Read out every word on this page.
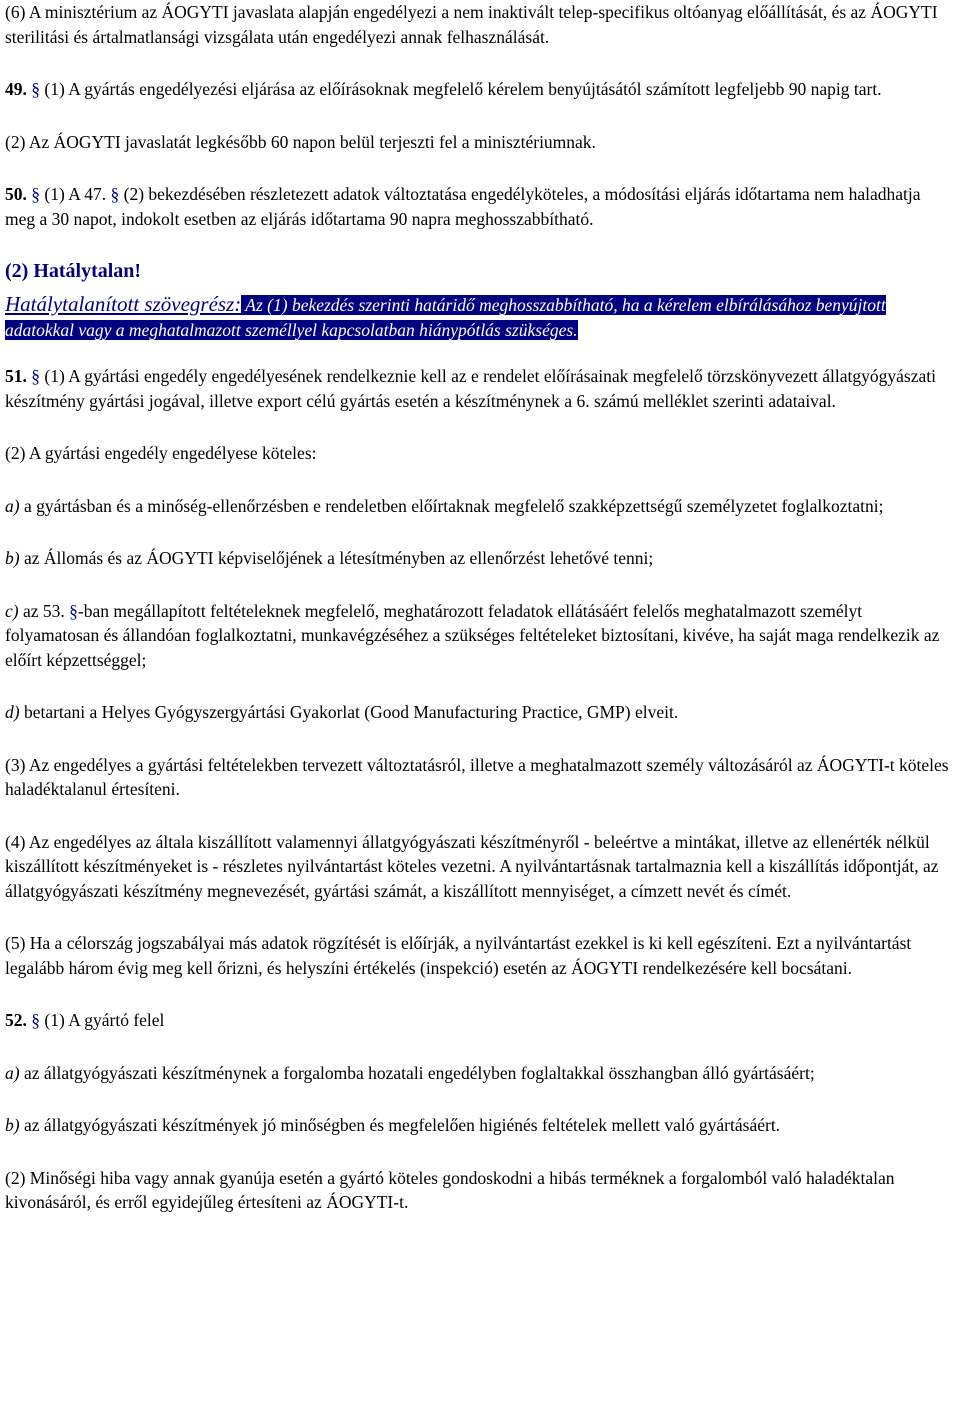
(6) A minisztérium az ÁOGYTI javaslata alapján engedélyezi a nem inaktivált telep-specifikus oltóanyag előállítását, és az ÁOGYTI sterilitási és ártalmatlansági vizsgálata után engedélyezi annak felhasználását.

49. § (1) A gyártás engedélyezési eljárása az előírásoknak megfelelő kérelem benyújtásától számított legfeljebb 90 napig tart.

(2) Az ÁOGYTI javaslatát legkésőbb 60 napon belül terjeszti fel a minisztériumnak.

50. § (1) A 47. § (2) bekezdésében részletezett adatok változtatása engedélyköteles, a módosítási eljárás időtartama nem haladhatja meg a 30 napot, indokolt esetben az eljárás időtartama 90 napra meghosszabbítható.

(2) Hatálytalan!

Hatálytalanított szövegrész: Az (1) bekezdés szerinti határidő meghosszabbítható, ha a kérelem elbírálásához benyújtott adatokkal vagy a meghatalmazott személlyel kapcsolatban hiánypótlás szükséges.

51. § (1) A gyártási engedély engedélyesének rendelkeznie kell az e rendelet előírásainak megfelelő törzskönyvezett állatgyógyászati készítmény gyártási jogával, illetve export célú gyártás esetén a készítménynek a 6. számú melléklet szerinti adataival.

(2) A gyártási engedély engedélyese köteles:

a) a gyártásban és a minőség-ellenőrzésben e rendeletben előírtaknak megfelelő szakképzettségű személyzetet foglalkoztatni;

b) az Állomás és az ÁOGYTI képviselőjének a létesítményben az ellenőrzést lehetővé tenni;

c) az 53. §-ban megállapított feltételeknek megfelelő, meghatározott feladatok ellátásáért felelős meghatalmazott személyt folyamatosan és állandóan foglalkoztatni, munkavégzéséhez a szükséges feltételeket biztosítani, kivéve, ha saját maga rendelkezik az előírt képzettséggel;

d) betartani a Helyes Gyógyszergyártási Gyakorlat (Good Manufacturing Practice, GMP) elveit.

(3) Az engedélyes a gyártási feltételekben tervezett változtatásról, illetve a meghatalmazott személy változásáról az ÁOGYTI-t köteles haladéktalanul értesíteni.

(4) Az engedélyes az általa kiszállított valamennyi állatgyógyászati készítményről - beleértve a mintákat, illetve az ellenérték nélkül kiszállított készítményeket is - részletes nyilvántartást köteles vezetni. A nyilvántartásnak tartalmaznia kell a kiszállítás időpontját, az állatgyógyászati készítmény megnevezését, gyártási számát, a kiszállított mennyiséget, a címzett nevét és címét.

(5) Ha a célország jogszabályai más adatok rögzítését is előírják, a nyilvántartást ezekkel is ki kell egészíteni. Ezt a nyilvántartást legalább három évig meg kell őrizni, és helyszíni értékelés (inspekció) esetén az ÁOGYTI rendelkezésére kell bocsátani.

52. § (1) A gyártó felel

a) az állatgyógyászati készítménynek a forgalomba hozatali engedélyben foglaltakkal összhangban álló gyártásáért;

b) az állatgyógyászati készítmények jó minőségben és megfelelően higiénés feltételek mellett való gyártásáért.

(2) Minőségi hiba vagy annak gyanúja esetén a gyártó köteles gondoskodni a hibás terméknek a forgalomból való haladéktalan kivonásáról, és erről egyidejűleg értesíteni az ÁOGYTI-t.
